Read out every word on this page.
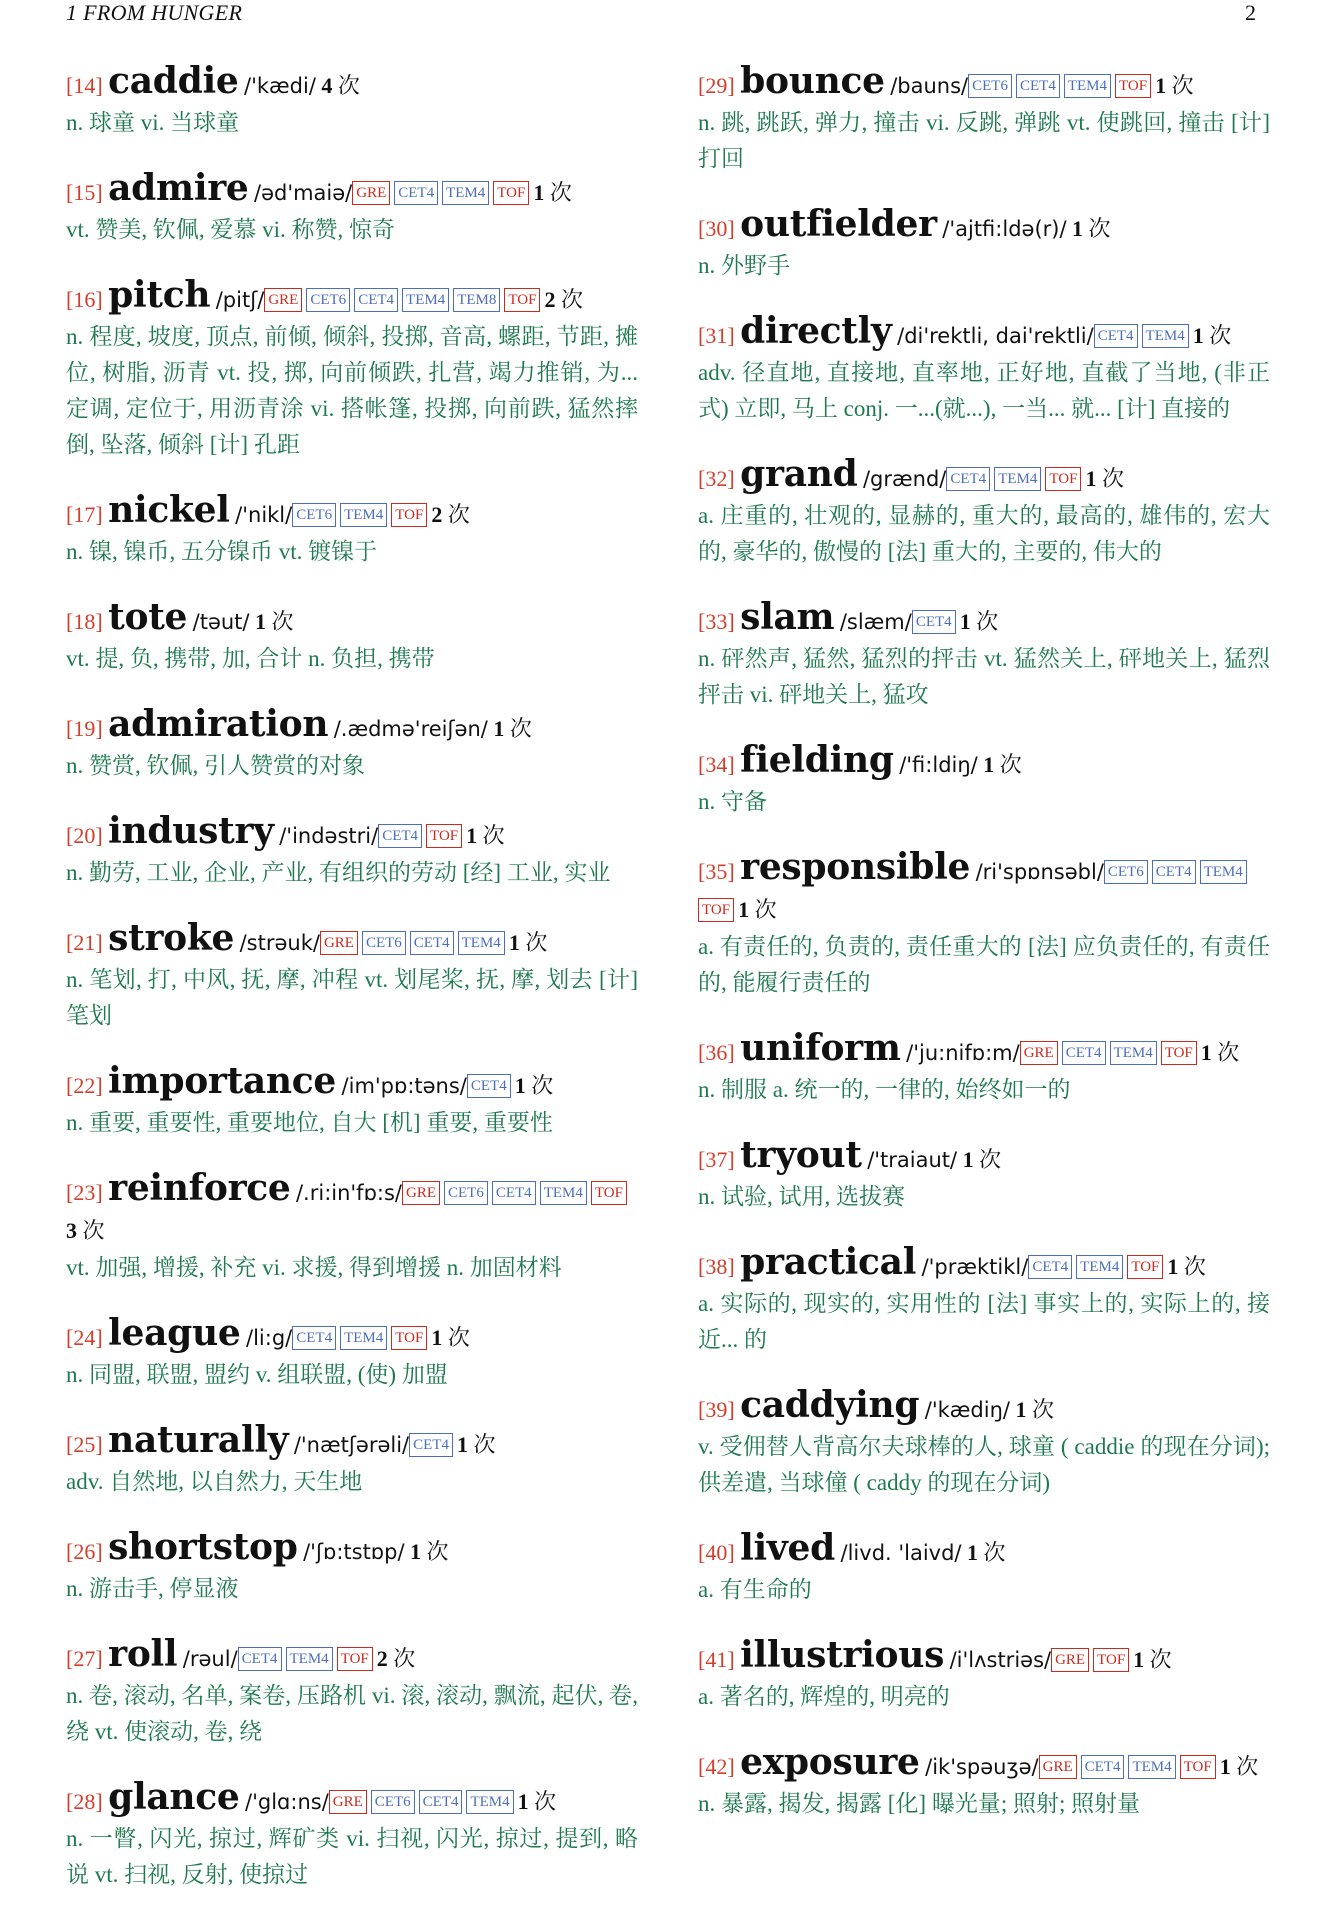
1 FROM HUNGER	2
[14] caddie /'kædi/ 4 次
n. 球童 vi. 当球童
[15] admire /əd'maiə/ GRE CET4 TEM4 TOF 1 次
vt. 赞美, 钦佩, 爱慕 vi. 称赞, 惊奇
[16] pitch /pitʃ/ GRE CET6 CET4 TEM4 TEM8 TOF 2 次
n. 程度, 坡度, 顶点, 前倾, 倾斜, 投掷, 音高, 螺距, 节距, 摊位, 树脂, 沥青 vt. 投, 掷, 向前倾跌, 扎营, 竭力推销, 为... 定调, 定位于, 用沥青涂 vi. 搭帐篷, 投掷, 向前跌, 猛然摔倒, 坠落, 倾斜 [计] 孔距
[17] nickel /'nikl/ CET6 TEM4 TOF 2 次
n. 镍, 镍币, 五分镍币 vt. 镀镍于
[18] tote /təut/ 1 次
vt. 提, 负, 携带, 加, 合计 n. 负担, 携带
[19] admiration /.ædmə'reiʃən/ 1 次
n. 赞赏, 钦佩, 引人赞赏的对象
[20] industry /'indəstri/ CET4 TOF 1 次
n. 勤劳, 工业, 企业, 产业, 有组织的劳动 [经] 工业, 实业
[21] stroke /strəuk/ GRE CET6 CET4 TEM4 1 次
n. 笔划, 打, 中风, 抚, 摩, 冲程 vt. 划尾桨, 抚, 摩, 划去 [计] 笔划
[22] importance /im'pɒ:təns/ CET4 1 次
n. 重要, 重要性, 重要地位, 自大 [机] 重要, 重要性
[23] reinforce /.ri:in'fɒ:s/ GRE CET6 CET4 TEM4 TOF3 次
vt. 加强, 增援, 补充 vi. 求援, 得到增援 n. 加固材料
[24] league /li:g/ CET4 TEM4 TOF 1 次
n. 同盟, 联盟, 盟约 v. 组联盟, (使) 加盟
[25] naturally /'nætʃərəli/ CET4 1 次
adv. 自然地, 以自然力, 天生地
[26] shortstop /'ʃɒ:tstɒp/ 1 次
n. 游击手, 停显液
[27] roll /rəul/ CET4 TEM4 TOF 2 次
n. 卷, 滚动, 名单, 案卷, 压路机 vi. 滚, 滚动, 飘流, 起伏, 卷, 绕 vt. 使滚动, 卷, 绕
[28] glance /'glɑ:ns/ GRE CET6 CET4 TEM4 1 次
n. 一瞥, 闪光, 掠过, 辉矿类 vi. 扫视, 闪光, 掠过, 提到, 略说 vt. 扫视, 反射, 使掠过
[29] bounce /bauns/ CET6 CET4 TEM4 TOF 1 次
n. 跳, 跳跃, 弹力, 撞击 vi. 反跳, 弹跳 vt. 使跳回, 撞击 [计] 打回
[30] outfielder /'ajtfi:ldə(r)/ 1 次
n. 外野手
[31] directly /di'rektli, dai'rektli/ CET4 TEM4 1 次
adv. 径直地, 直接地, 直率地, 正好地, 直截了当地, (非正式) 立即, 马上 conj. 一...(就...), 一当... 就... [计] 直接的
[32] grand /grænd/ CET4 TEM4 TOF 1 次
a. 庄重的, 壮观的, 显赫的, 重大的, 最高的, 雄伟的, 宏大的, 豪华的, 傲慢的 [法] 重大的, 主要的, 伟大的
[33] slam /slæm/ CET4 1 次
n. 砰然声, 猛然, 猛烈的抨击 vt. 猛然关上, 砰地关上, 猛烈抨击 vi. 砰地关上, 猛攻
[34] fielding /'fi:ldiŋ/ 1 次
n. 守备
[35] responsible /ri'spɒnsəbl/ CET6 CET4 TEM4TOF 1 次
a. 有责任的, 负责的, 责任重大的 [法] 应负责任的, 有责任的, 能履行责任的
[36] uniform /'ju:nifɒ:m/ GRE CET4 TEM4 TOF 1 次
n. 制服 a. 统一的, 一律的, 始终如一的
[37] tryout /'traiaut/ 1 次
n. 试验, 试用, 选拔赛
[38] practical /'præktikl/ CET4 TEM4 TOF 1 次
a. 实际的, 现实的, 实用性的 [法] 事实上的, 实际上的, 接近... 的
[39] caddying /'kædiŋ/ 1 次
v. 受佣替人背高尔夫球棒的人, 球童 ( caddie 的现在分词); 供差遣, 当球僮 ( caddy 的现在分词)
[40] lived /livd. 'laivd/ 1 次
a. 有生命的
[41] illustrious /i'lʌstriəs/ GRE TOF 1 次
a. 著名的, 辉煌的, 明亮的
[42] exposure /ik'spəuʒə/ GRE CET4 TEM4 TOF 1 次
n. 暴露, 揭发, 揭露 [化] 曝光量; 照射; 照射量
